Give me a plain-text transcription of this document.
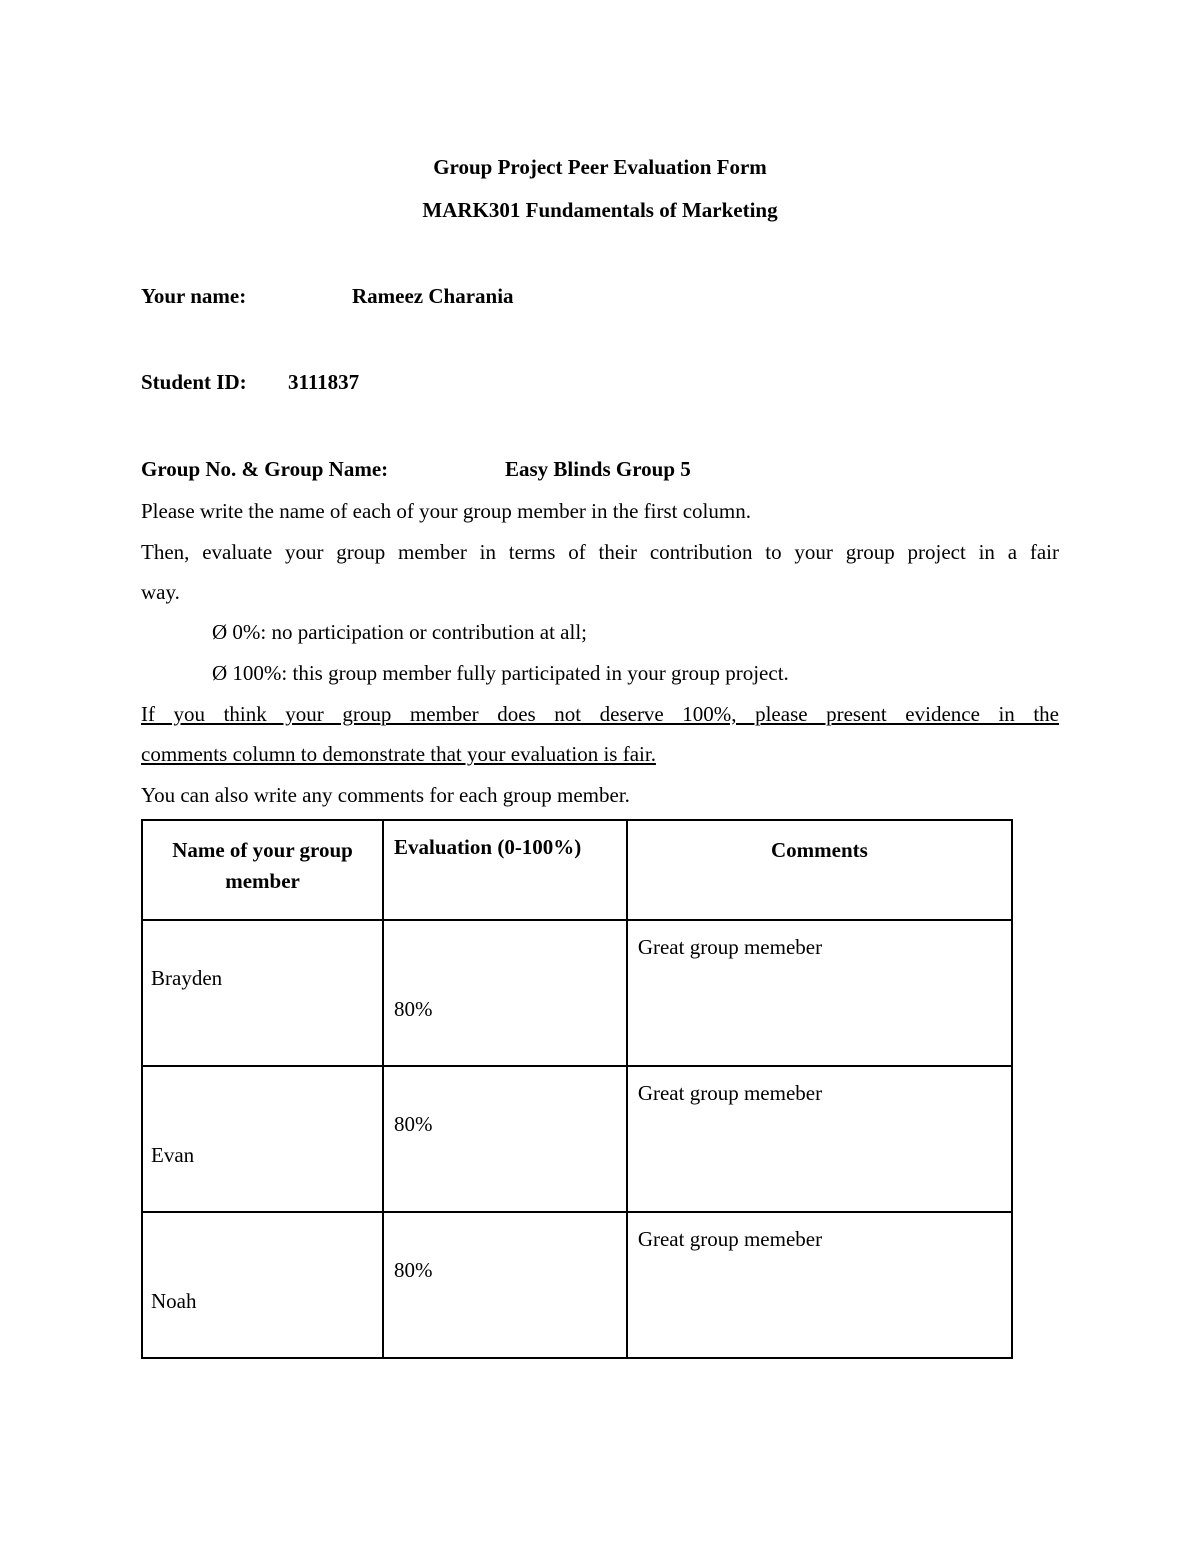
Group Project Peer Evaluation Form
MARK301 Fundamentals of Marketing
Your name:	Rameez Charania
Student ID: 3111837
Group No. & Group Name:	Easy Blinds Group 5
Please write the name of each of your group member in the first column.
Then, evaluate your group member in terms of their contribution to your group project in a fair
way.
Ø 0%: no participation or contribution at all;
Ø 100%: this group member fully participated in your group project.
If you think your group member does not deserve 100%, please present evidence in the
comments column to demonstrate that your evaluation is fair.
You can also write any comments for each group member.
Name of your group member	Evaluation (0-100%)	Comments

Brayden	80%	Great group memeber

Evan	80%	Great group memeber

Noah	80%	Great group memeber
